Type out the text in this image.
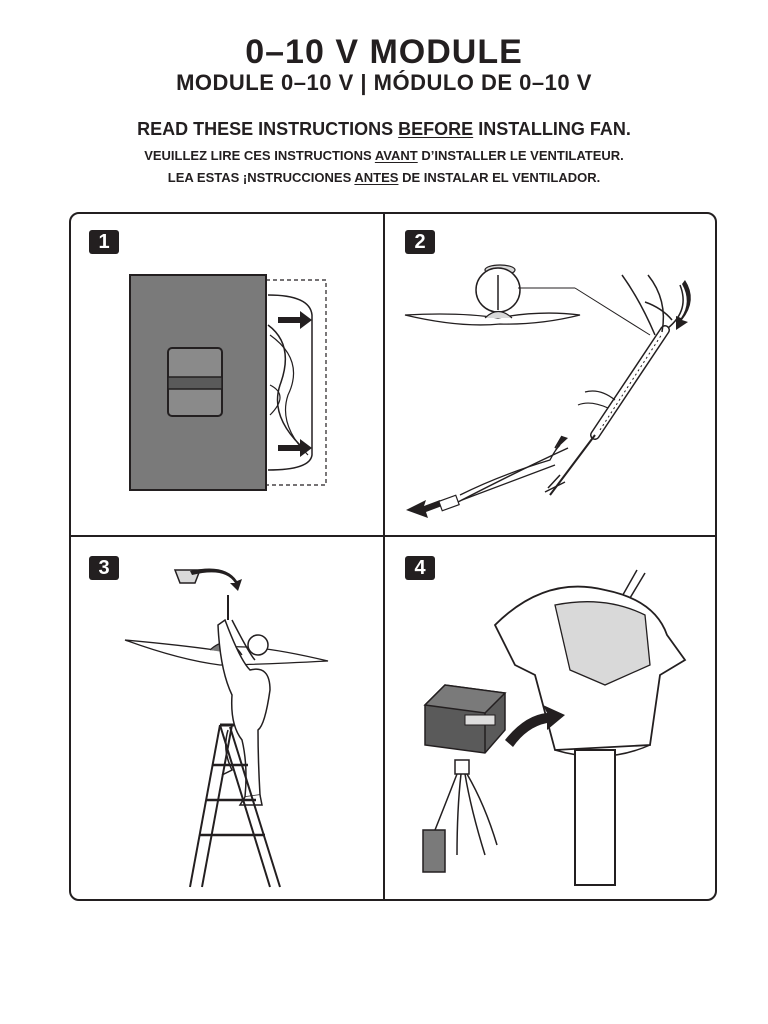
0–10 V MODULE
MODULE 0–10 V | MÓDULO DE 0–10 V
READ THESE INSTRUCTIONS BEFORE INSTALLING FAN.
VEUILLEZ LIRE CES INSTRUCTIONS AVANT D’INSTALLER LE VENTILATEUR.
LEA ESTAS ¡NSTRUCCIONES ANTES DE INSTALAR EL VENTILADOR.
1	2
3	4
